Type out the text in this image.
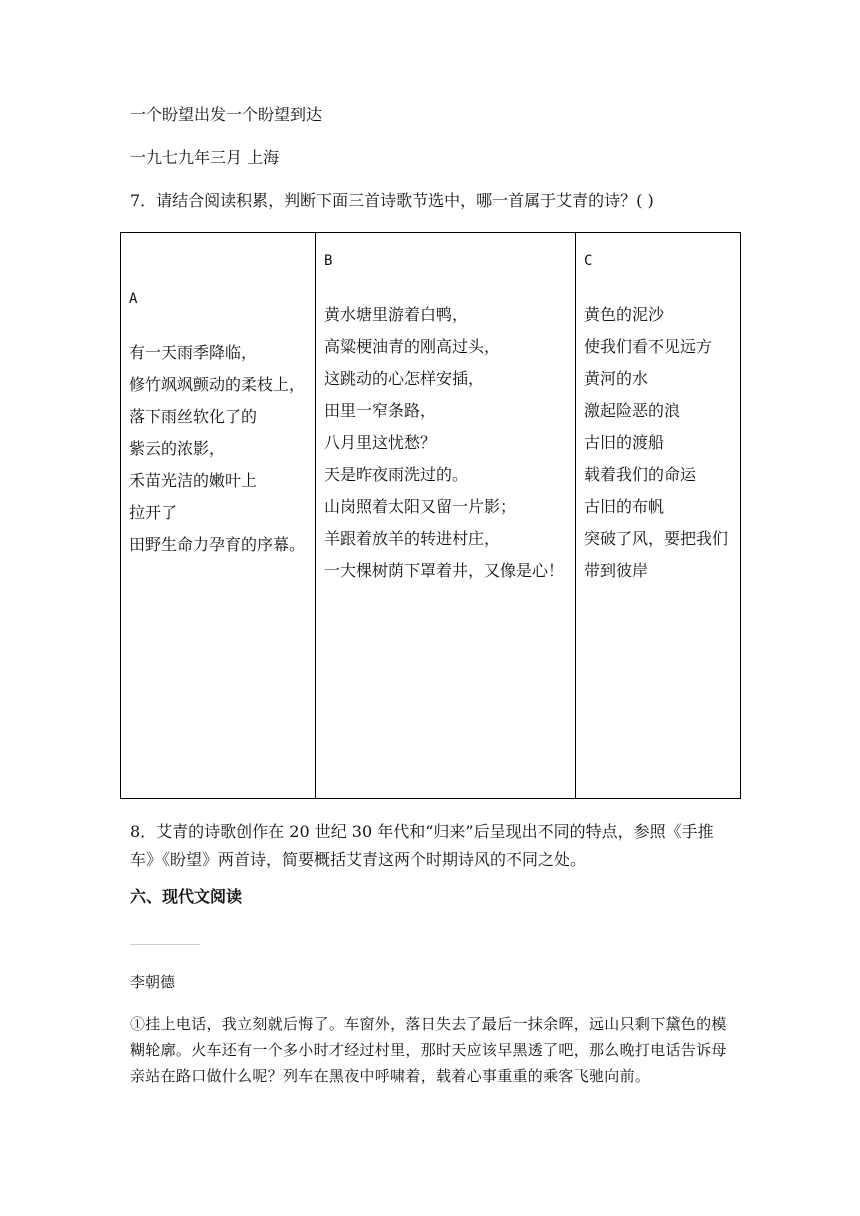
一个盼望出发一个盼望到达
一九七九年三月 上海
7．请结合阅读积累，判断下面三首诗歌节选中，哪一首属于艾青的诗？( )

A

有一天雨季降临，

修竹飒飒颤动的柔枝上，

落下雨丝软化了的

紫云的浓影，

禾苗光洁的嫩叶上

拉开了

田野生命力孕育的序幕。

B

黄水塘里游着白鸭，

高粱梗油青的刚高过头，

这跳动的心怎样安插，

田里一窄条路，

八月里这忧愁？

天是昨夜雨洗过的。

山岗照着太阳又留一片影；

羊跟着放羊的转进村庄，

一大棵树荫下罩着井，又像是心！

C

黄色的泥沙

使我们看不见远方

黄河的水

激起险恶的浪

古旧的渡船

载着我们的命运

古旧的布帆

突破了风，要把我们

带到彼岸

8．艾青的诗歌创作在 20 世纪 30 年代和“归来”后呈现出不同的特点，参照《手推车》《盼望》两首诗，简要概括艾青这两个时期诗风的不同之处。
六、现代文阅读
李朝德
①挂上电话，我立刻就后悔了。车窗外，落日失去了最后一抹余晖，远山只剩下黛色的模糊轮廓。火车还有一个多小时才经过村里，那时天应该早黑透了吧，那么晚打电话告诉母亲站在路口做什么呢？列车在黑夜中呼啸着，载着心事重重的乘客飞驰向前。
